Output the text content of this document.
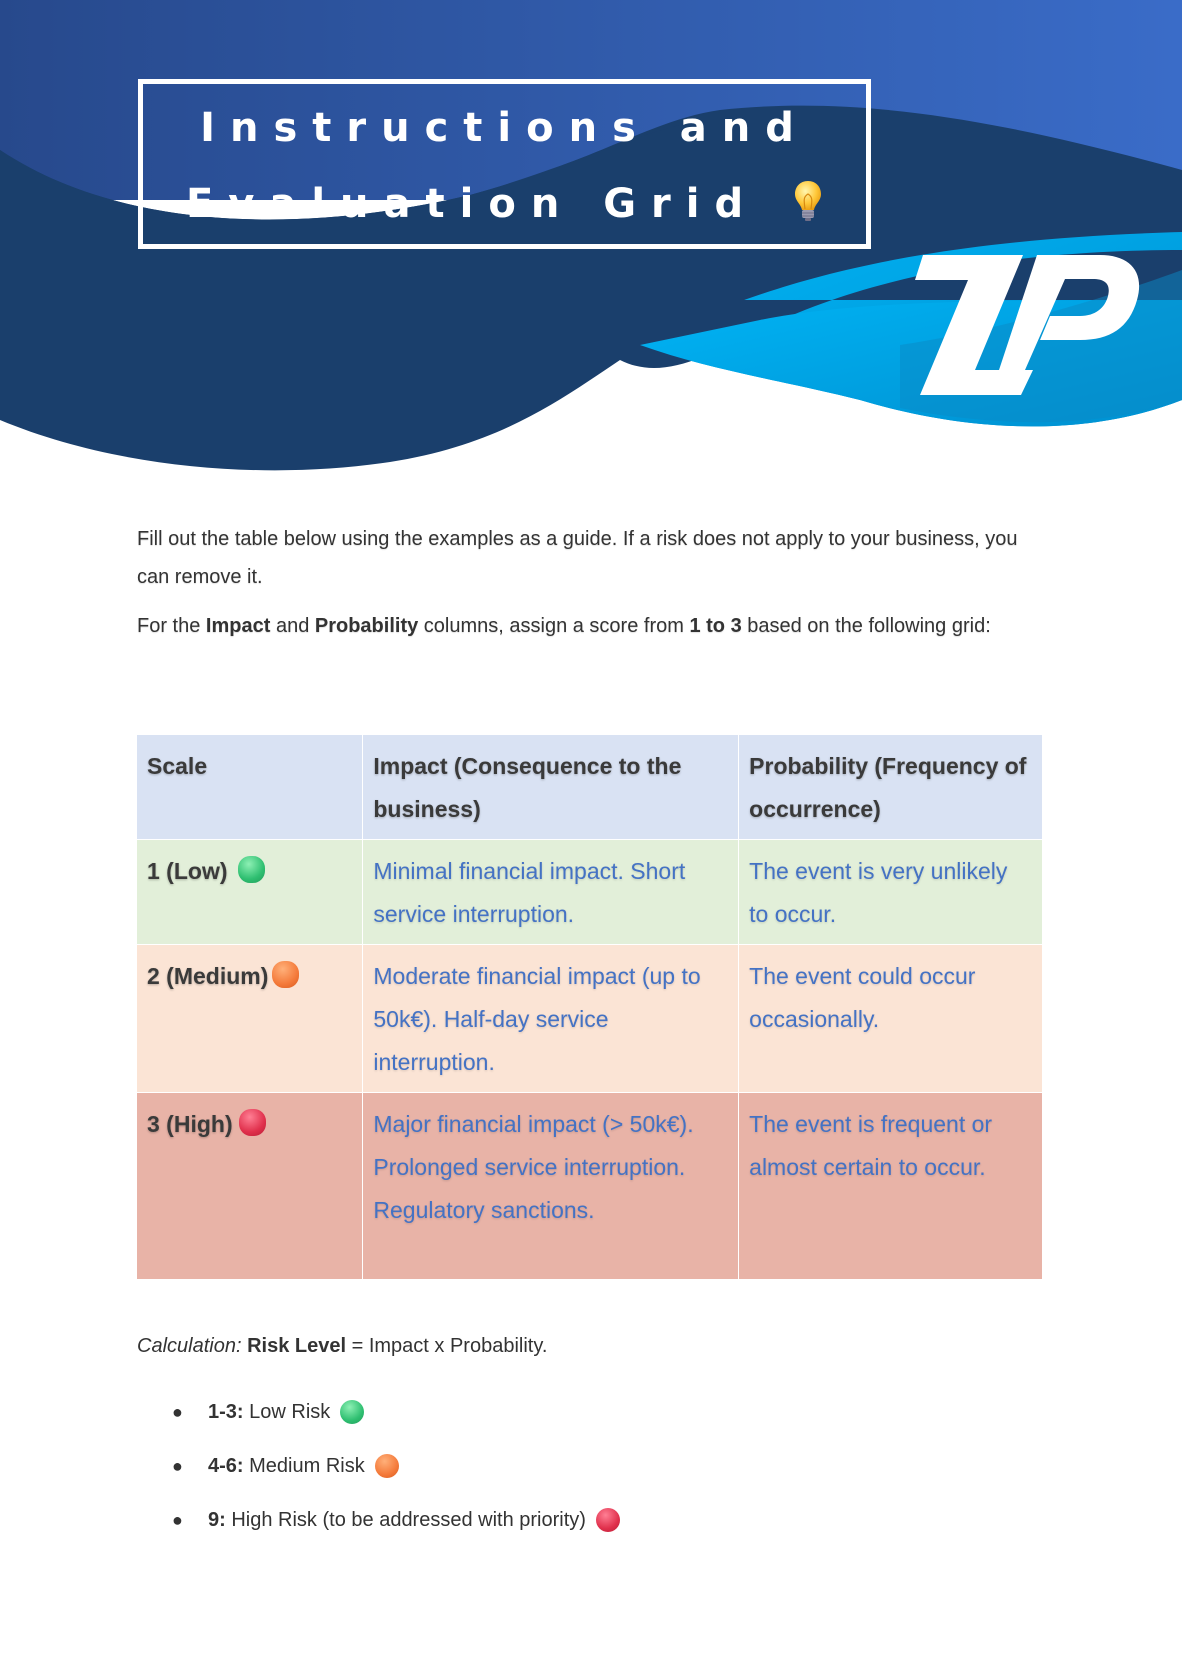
Instructions and
Evaluation Grid

Fill out the table below using the examples as a guide. If a risk does not apply to your business, you can remove it.

For the Impact and Probability columns, assign a score from 1 to 3 based on the following grid:

Scale	Impact (Consequence to the business)	Probability (Frequency of occurrence)
1 (Low)	Minimal financial impact. Short service interruption.	The event is very unlikely to occur.
2 (Medium)	Moderate financial impact (up to 50k€). Half-day service interruption.	The event could occur occasionally.
3 (High)	Major financial impact (> 50k€). Prolonged service interruption. Regulatory sanctions.	The event is frequent or almost certain to occur.
Calculation: Risk Level = Impact x Probability.
●	1-3:
Low Risk
●	4-6:
Medium Risk
●	9:
High Risk (to be addressed with priority)
